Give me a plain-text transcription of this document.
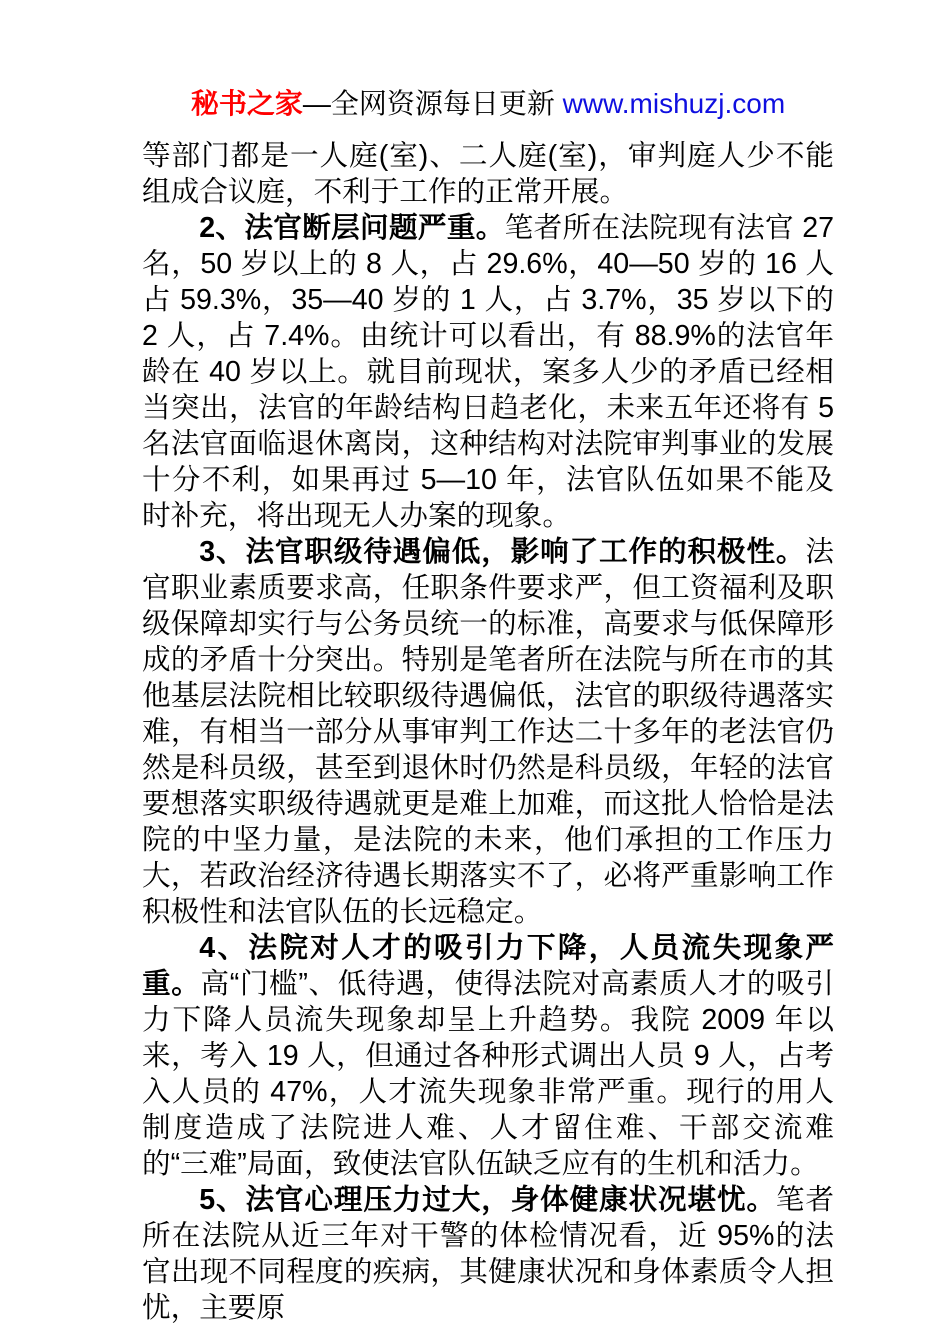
秘书之家—全网资源每日更新 www.mishuzj.com

等部门都是一人庭(室)、二人庭(室)，审判庭人少不能组成合议庭，不利于工作的正常开展。

2、法官断层问题严重。笔者所在法院现有法官 27 名，50 岁以上的 8 人，占 29.6%，40—50 岁的 16 人占 59.3%，35—40 岁的 1 人，占 3.7%，35 岁以下的 2 人，占 7.4%。由统计可以看出，有 88.9%的法官年龄在 40 岁以上。就目前现状，案多人少的矛盾已经相当突出，法官的年龄结构日趋老化，未来五年还将有 5 名法官面临退休离岗，这种结构对法院审判事业的发展十分不利，如果再过 5—10 年，法官队伍如果不能及时补充，将出现无人办案的现象。

3、法官职级待遇偏低，影响了工作的积极性。法官职业素质要求高，任职条件要求严，但工资福利及职级保障却实行与公务员统一的标准，高要求与低保障形成的矛盾十分突出。特别是笔者所在法院与所在市的其他基层法院相比较职级待遇偏低，法官的职级待遇落实难，有相当一部分从事审判工作达二十多年的老法官仍然是科员级，甚至到退休时仍然是科员级，年轻的法官要想落实职级待遇就更是难上加难，而这批人恰恰是法院的中坚力量，是法院的未来，他们承担的工作压力大，若政治经济待遇长期落实不了，必将严重影响工作积极性和法官队伍的长远稳定。

4、法院对人才的吸引力下降，人员流失现象严重。高“门槛”、低待遇，使得法院对高素质人才的吸引力下降人员流失现象却呈上升趋势。我院 2009 年以来，考入 19 人，但通过各种形式调出人员 9 人，占考入人员的 47%，人才流失现象非常严重。现行的用人制度造成了法院进人难、人才留住难、干部交流难的“三难”局面，致使法官队伍缺乏应有的生机和活力。

5、法官心理压力过大，身体健康状况堪忧。笔者所在法院从近三年对干警的体检情况看，近 95%的法官出现不同程度的疾病，其健康状况和身体素质令人担忧，主要原
